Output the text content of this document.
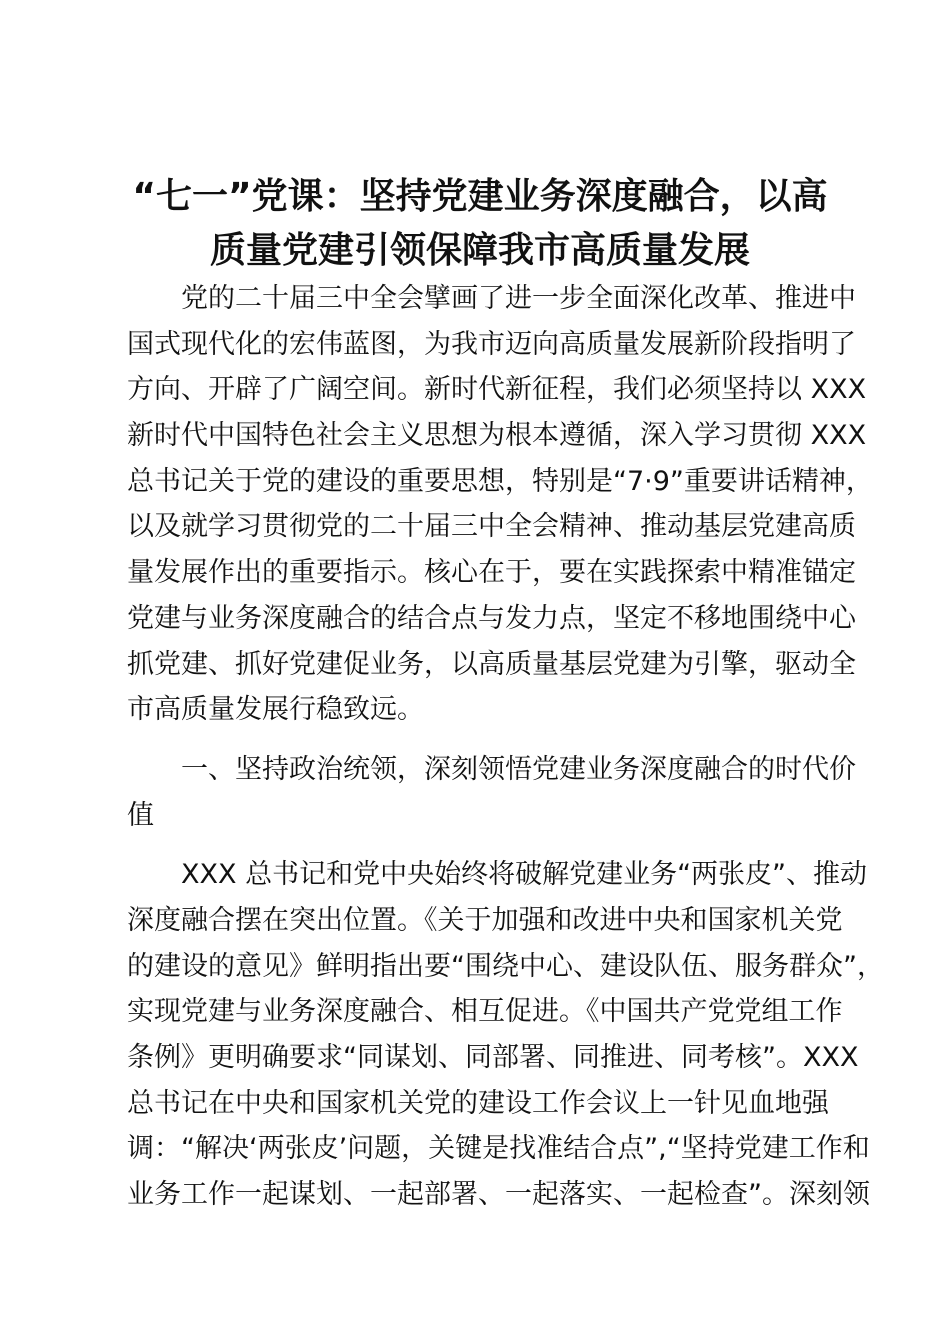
“七一”党课：坚持党建业务深度融合，以高
质量党建引领保障我市高质量发展
党的二十届三中全会擘画了进一步全面深化改革、推进中
国式现代化的宏伟蓝图，为我市迈向高质量发展新阶段指明了
方向、开辟了广阔空间。新时代新征程，我们必须坚持以 XXX
新时代中国特色社会主义思想为根本遵循，深入学习贯彻 XXX
总书记关于党的建设的重要思想，特别是“7·9”重要讲话精神，
以及就学习贯彻党的二十届三中全会精神、推动基层党建高质
量发展作出的重要指示。核心在于，要在实践探索中精准锚定
党建与业务深度融合的结合点与发力点，坚定不移地围绕中心
抓党建、抓好党建促业务，以高质量基层党建为引擎，驱动全
市高质量发展行稳致远。
一、坚持政治统领，深刻领悟党建业务深度融合的时代价
值
XXX 总书记和党中央始终将破解党建业务“两张皮”、推动
深度融合摆在突出位置。《关于加强和改进中央和国家机关党
的建设的意见》鲜明指出要“围绕中心、建设队伍、服务群众”，
实现党建与业务深度融合、相互促进。《中国共产党党组工作
条例》更明确要求“同谋划、同部署、同推进、同考核”。XXX
总书记在中央和国家机关党的建设工作会议上一针见血地强
调：“解决‘两张皮’问题，关键是找准结合点”,“坚持党建工作和
业务工作一起谋划、一起部署、一起落实、一起检查”。深刻领
